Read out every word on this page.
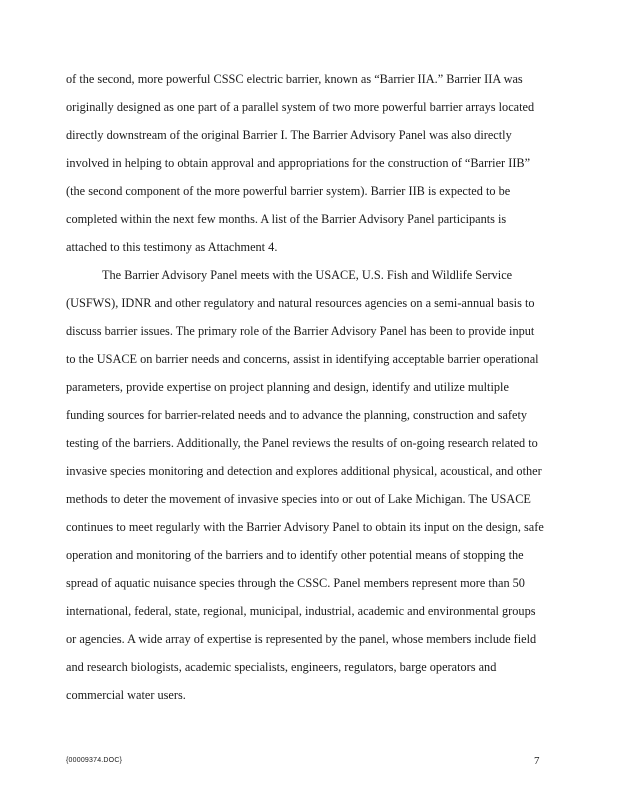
of the second, more powerful CSSC electric barrier, known as “Barrier IIA.” Barrier IIA was
originally designed as one part of a parallel system of two more powerful barrier arrays located
directly downstream of the original Barrier I. The Barrier Advisory Panel was also directly
involved in helping to obtain approval and appropriations for the construction of “Barrier IIB”
(the second component of the more powerful barrier system). Barrier IIB is expected to be
completed within the next few months. A list of the Barrier Advisory Panel participants is
attached to this testimony as Attachment 4.
The Barrier Advisory Panel meets with the USACE, U.S. Fish and Wildlife Service
(USFWS), IDNR and other regulatory and natural resources agencies on a semi-annual basis to
discuss barrier issues. The primary role of the Barrier Advisory Panel has been to provide input
to the USACE on barrier needs and concerns, assist in identifying acceptable barrier operational
parameters, provide expertise on project planning and design, identify and utilize multiple
funding sources for barrier-related needs and to advance the planning, construction and safety
testing of the barriers. Additionally, the Panel reviews the results of on-going research related to
invasive species monitoring and detection and explores additional physical, acoustical, and other
methods to deter the movement of invasive species into or out of Lake Michigan. The USACE
continues to meet regularly with the Barrier Advisory Panel to obtain its input on the design, safe
operation and monitoring of the barriers and to identify other potential means of stopping the
spread of aquatic nuisance species through the CSSC. Panel members represent more than 50
international, federal, state, regional, municipal, industrial, academic and environmental groups
or agencies. A wide array of expertise is represented by the panel, whose members include field
and research biologists, academic specialists, engineers, regulators, barge operators and
commercial water users.
{00009374.DOC}	7
